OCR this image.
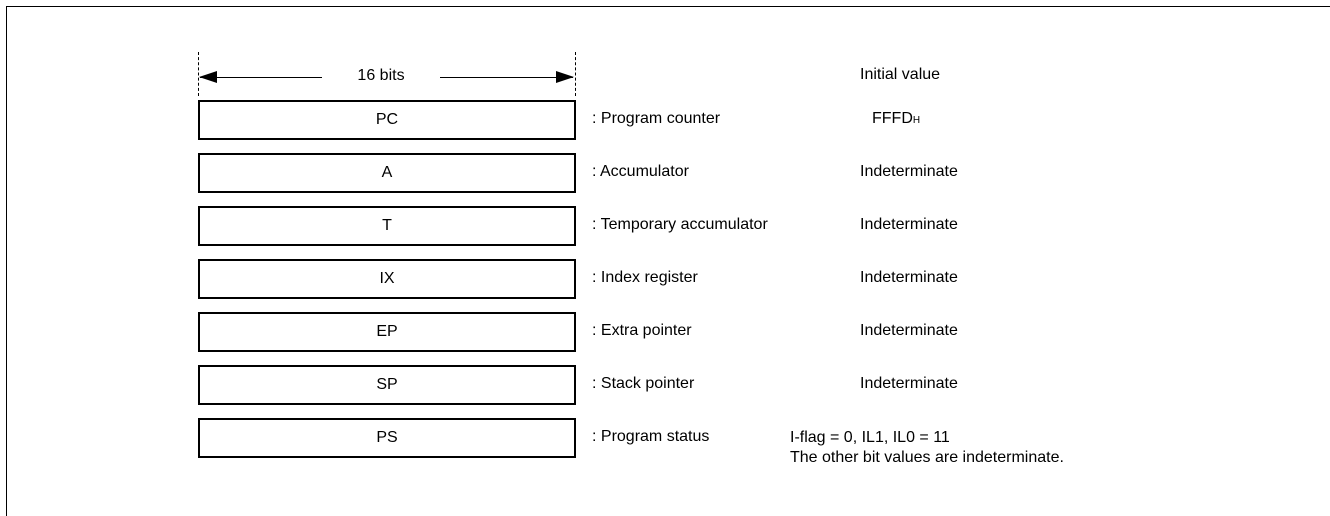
16 bits	Initial value
PC	: Program counter	FFFDH
A	: Accumulator	Indeterminate
T	: Temporary accumulator	Indeterminate
IX	: Index register	Indeterminate
EP	: Extra pointer	Indeterminate
SP	: Stack pointer	Indeterminate
PS	: Program status	I-flag = 0, IL1, IL0 = 11
The other bit values are indeterminate.
